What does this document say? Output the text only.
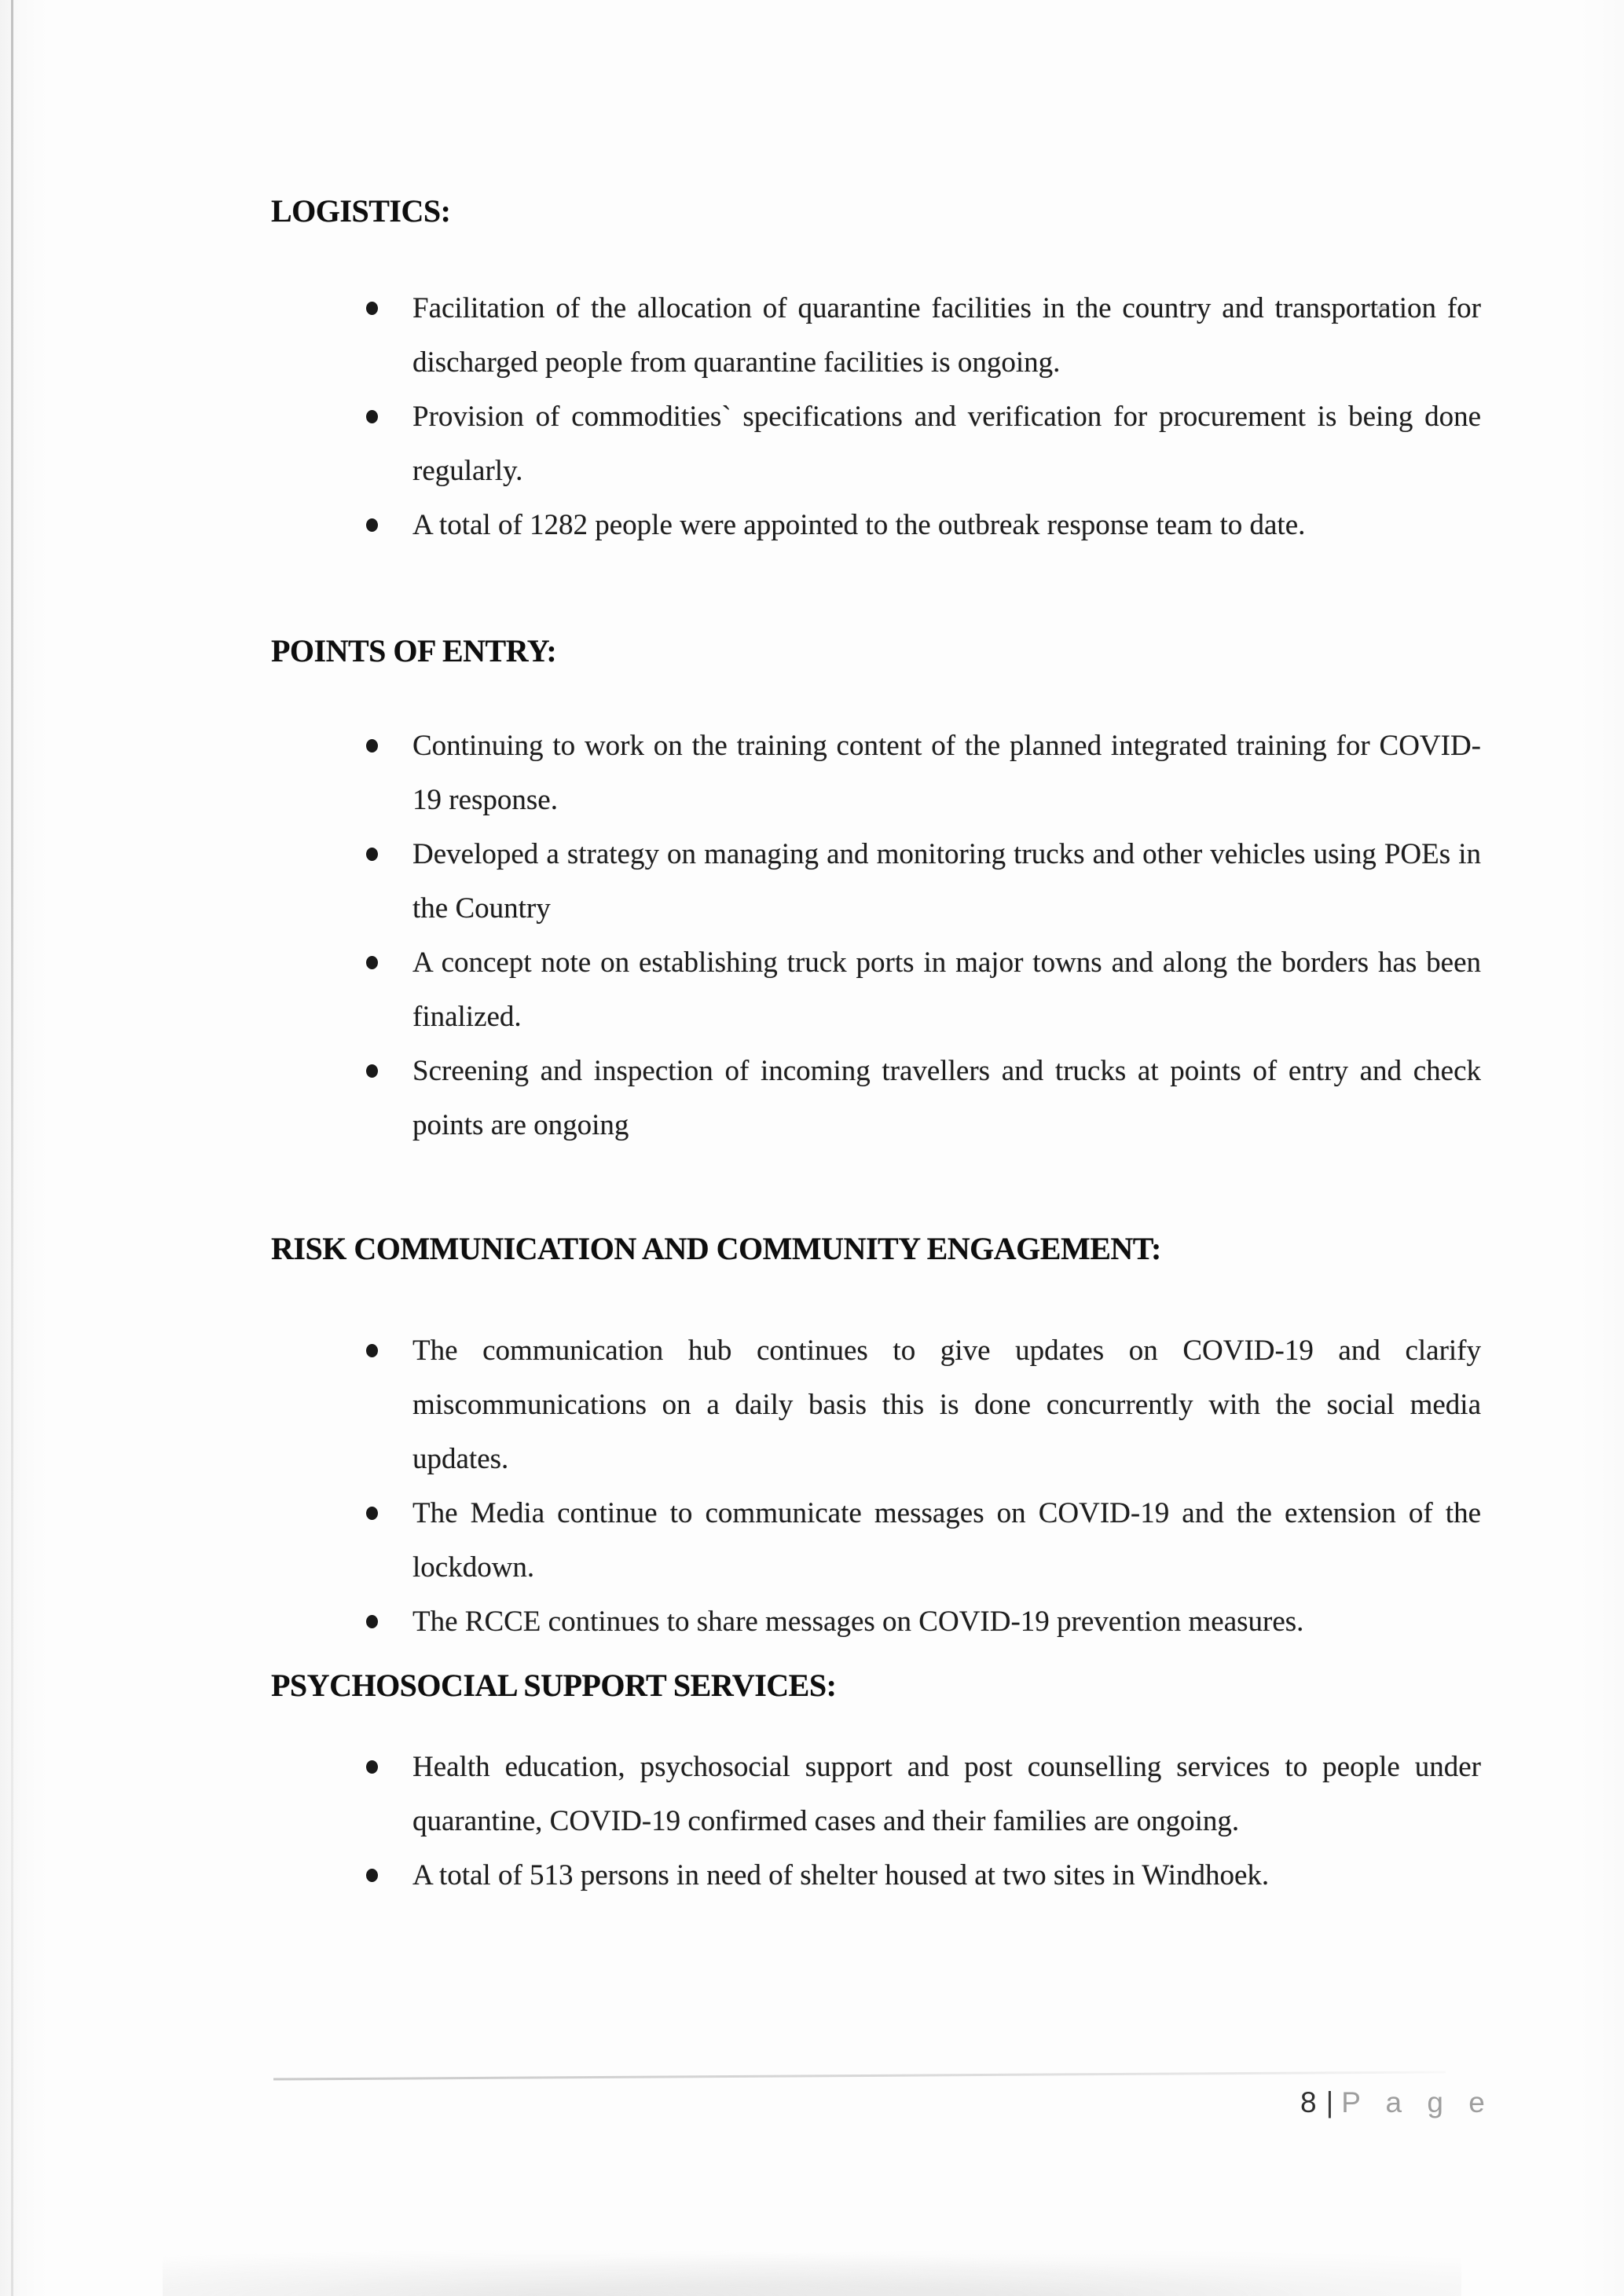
LOGISTICS:
Facilitation of the allocation of quarantine facilities in the country and transportation for discharged people from quarantine facilities is ongoing.
Provision of commodities` specifications and verification for procurement is being done regularly.
A total of 1282 people were appointed to the outbreak response team to date.
POINTS OF ENTRY:
Continuing to work on the training content of the planned integrated training for COVID-19 response.
Developed a strategy on managing and monitoring trucks and other vehicles using POEs in the Country
A concept note on establishing truck ports in major towns and along the borders has been finalized.
Screening and inspection of incoming travellers and trucks at points of entry and check points are ongoing
RISK COMMUNICATION AND COMMUNITY ENGAGEMENT:
The communication hub continues to give updates on COVID-19 and clarify miscommunications on a daily basis this is done concurrently with the social media updates.
The Media continue to communicate messages on COVID-19 and the extension of the lockdown.
The RCCE continues to share messages on COVID-19 prevention measures.
PSYCHOSOCIAL SUPPORT SERVICES:
Health education, psychosocial support and post counselling services to people under quarantine, COVID-19 confirmed cases and their families are ongoing.
A total of 513 persons in need of shelter housed at two sites in Windhoek.
8 | P a g e
